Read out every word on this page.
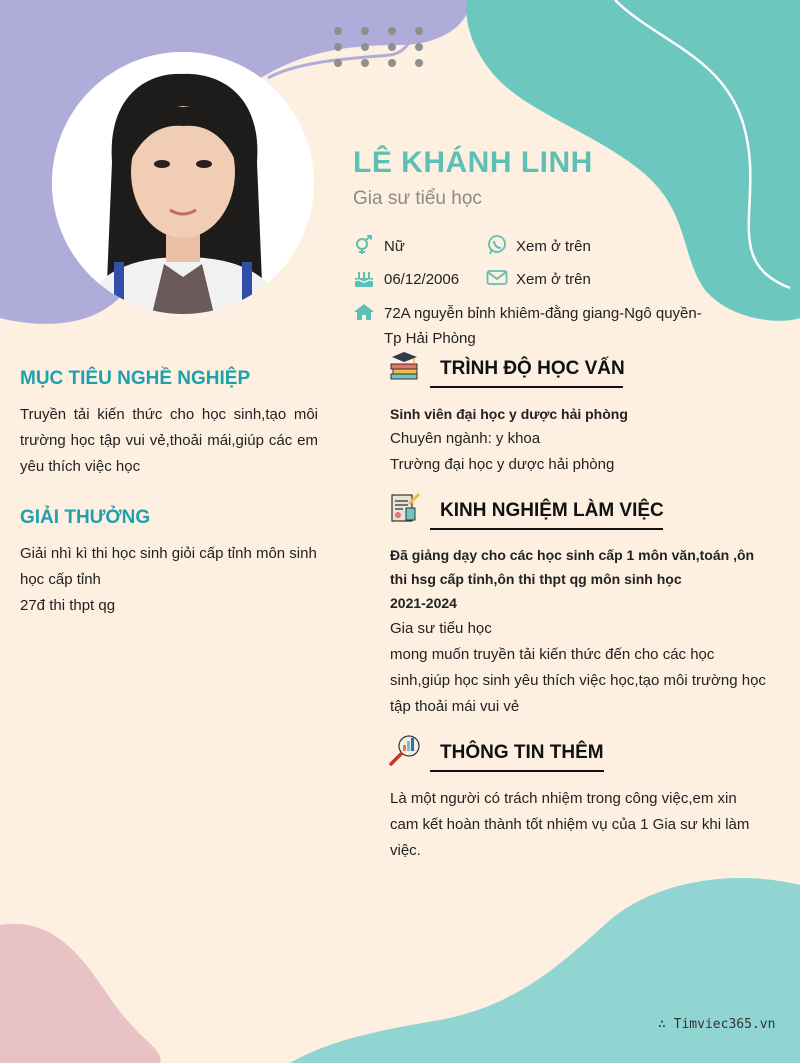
LÊ KHÁNH LINH
Gia sư tiểu học
Nữ	Xem ở trên
06/12/2006	Xem ở trên
72A nguyễn bỉnh khiêm-đằng giang-Ngô quyền-
Tp Hải Phòng
MỤC TIÊU NGHỀ NGHIỆP
Truyền tải kiến thức cho học sinh,tạo môi trường học tập vui vẻ,thoải mái,giúp các em yêu thích việc học
GIẢI THƯỞNG
Giải nhì kì thi học sinh giỏi cấp tỉnh môn sinh học cấp tỉnh
27đ thi thpt qg
TRÌNH ĐỘ HỌC VẤN
Sinh viên đại học y dược hải phòng
Chuyên ngành: y khoa
Trường đại học y dược hải phòng
KINH NGHIỆM LÀM VIỆC
Đã giảng dạy cho các học sinh cấp 1 môn văn,toán ,ôn
thi hsg cấp tỉnh,ôn thi thpt qg môn sinh học
2021-2024
Gia sư tiểu học
mong muốn truyền tải kiến thức đến cho các học sinh,giúp học sinh yêu thích việc học,tạo môi trường học tập thoải mái vui vẻ
THÔNG TIN THÊM
Là một người có trách nhiệm trong công việc,em xin cam kết hoàn thành tốt nhiệm vụ của 1 Gia sư khi làm việc.
∴ Timviec365.vn
